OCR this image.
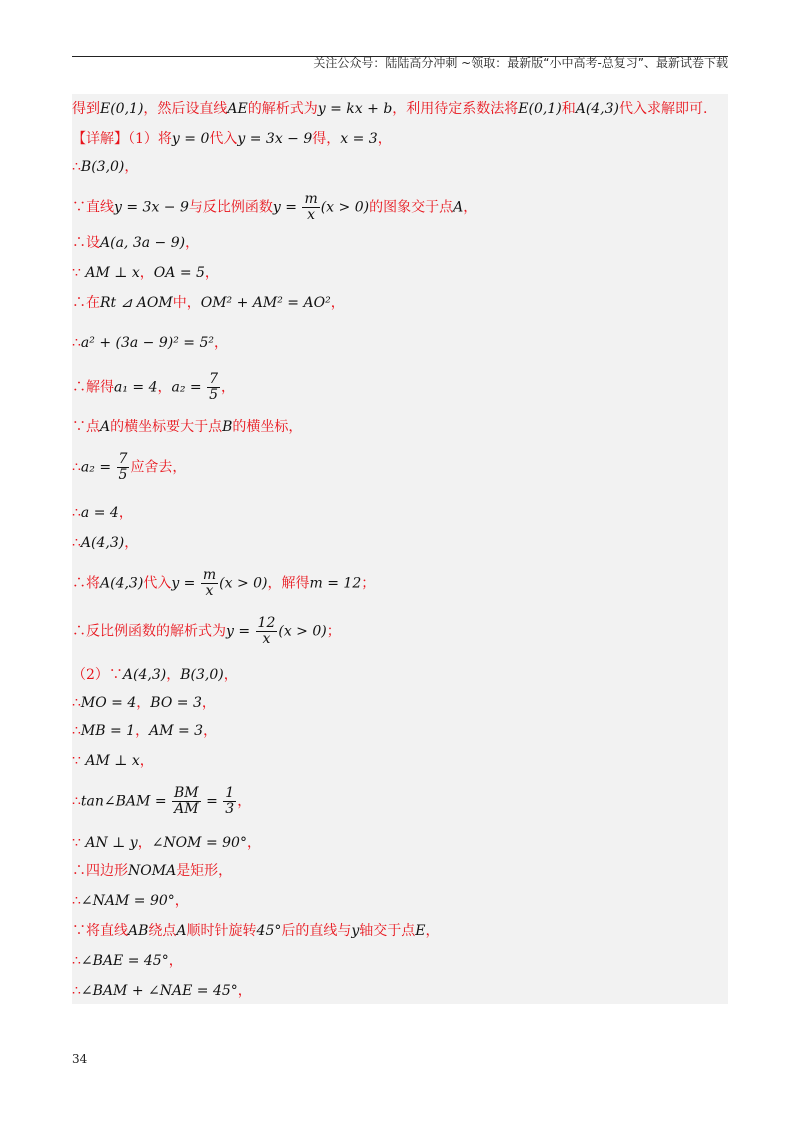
关注公众号：陆陆高分冲刺 ~领取：最新版“小中高考-总复习”、最新试卷下载
得到E(0,1)，然后设直线AE的解析式为y = kx + b，利用待定系数法将E(0,1)和A(4,3)代入求解即可.
【详解】（1）将y = 0代入y = 3x − 9得，x = 3，
∴B(3,0)，
∵直线y = 3x − 9与反比例函数$y = \frac{m}{x} (x > 0)$的图象交于点A，
∴设A(a, 3a − 9)，
∵ AM ⊥ x，OA = 5，
∴在Rt ⊿ AOM中，OM² + AM² = AO²，
∴a² + (3a − 9)² = 5²，
∴解得a₁ = 4，$a_2 = \frac{7}{5}$ ，
∵点A的横坐标要大于点B的横坐标，
∴a₂ = $\frac{7}{5}$ 应舍去，
∴a = 4，
∴A(4,3)，
∴将A(4,3)代入$y = \frac{m}{x} (x > 0)$，解得m = 12；
∴反比例函数的解析式为$y = \frac{12}{x} (x > 0)$；
（2）∵A(4,3)，B(3,0)，
∴MO = 4，BO = 3，
∴MB = 1，AM = 3，
∵ AM ⊥ x，
∴tan∠BAM = $\frac{BM}{AM} = \frac{1}{3}$ ，
∵ AN ⊥ y，∠NOM = 90°，
∴四边形NOMA是矩形，
∴∠NAM = 90°，
∵将直线AB绕点A顺时针旋转45°后的直线与y轴交于点E，
∴∠BAE = 45°，
∴∠BAM + ∠NAE = 45°，
34
